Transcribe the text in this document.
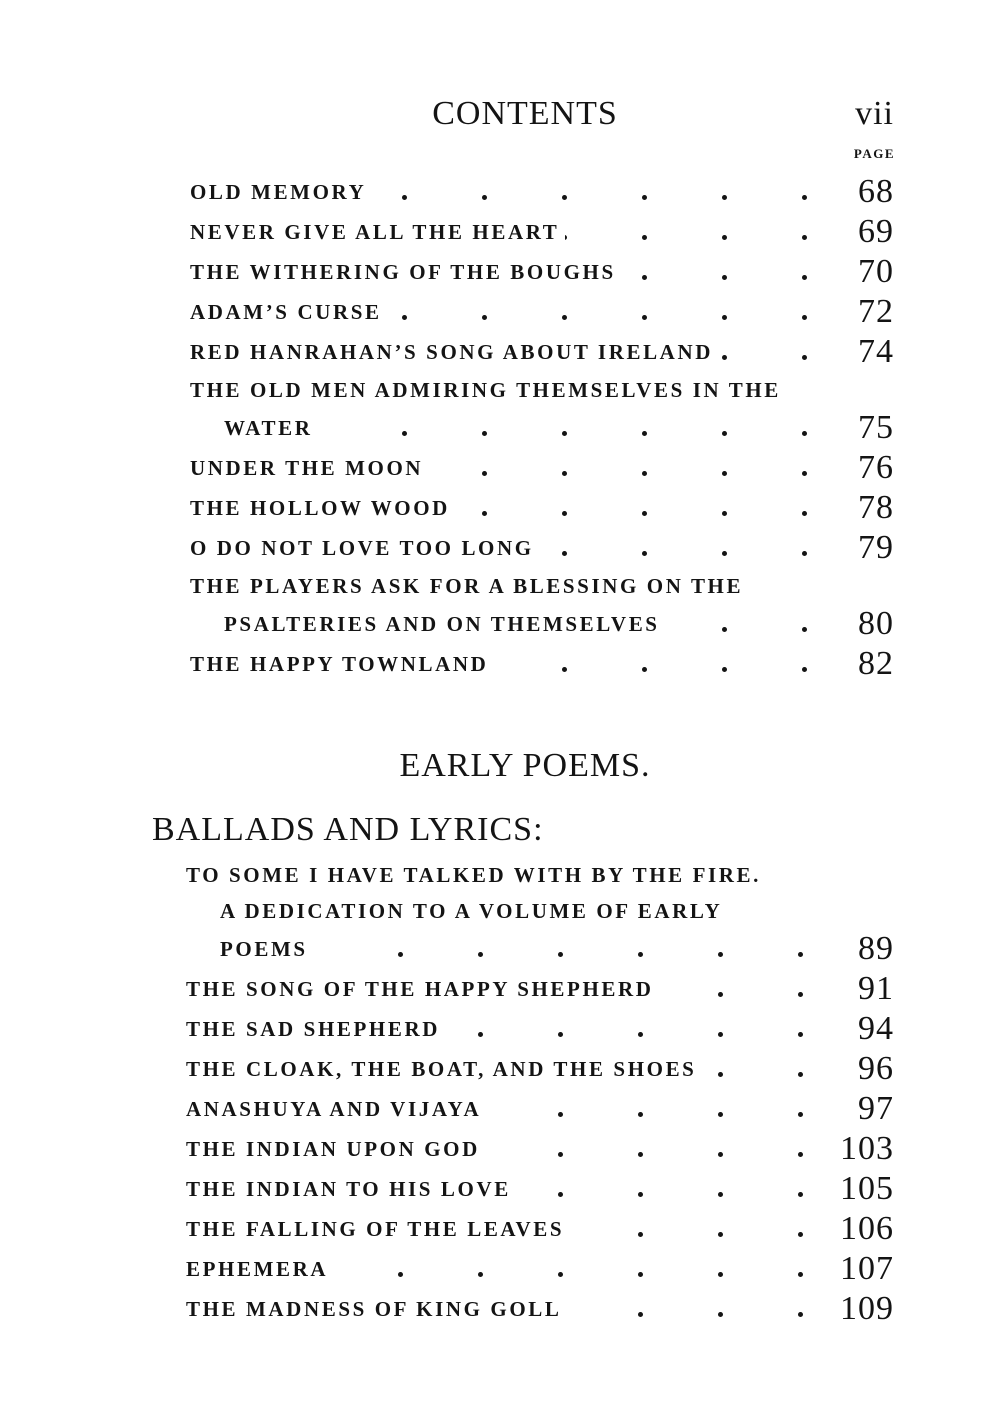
CONTENTS	vii
PAGE
OLD MEMORY	68
NEVER GIVE ALL THE HEART	69
THE WITHERING OF THE BOUGHS	70
ADAM’S CURSE	72
RED HANRAHAN’S SONG ABOUT IRELAND	74
THE OLD MEN ADMIRING THEMSELVES IN THE
WATER	75
UNDER THE MOON	76
THE HOLLOW WOOD	78
O DO NOT LOVE TOO LONG	79
THE PLAYERS ASK FOR A BLESSING ON THE
PSALTERIES AND ON THEMSELVES	80
THE HAPPY TOWNLAND	82
EARLY POEMS.
BALLADS AND LYRICS:
TO SOME I HAVE TALKED WITH BY THE FIRE.
A DEDICATION TO A VOLUME OF EARLY
POEMS	89
THE SONG OF THE HAPPY SHEPHERD	91
THE SAD SHEPHERD	94
THE CLOAK, THE BOAT, AND THE SHOES	96
ANASHUYA AND VIJAYA	97
THE INDIAN UPON GOD	103
THE INDIAN TO HIS LOVE	105
THE FALLING OF THE LEAVES	106
EPHEMERA	107
THE MADNESS OF KING GOLL	109
